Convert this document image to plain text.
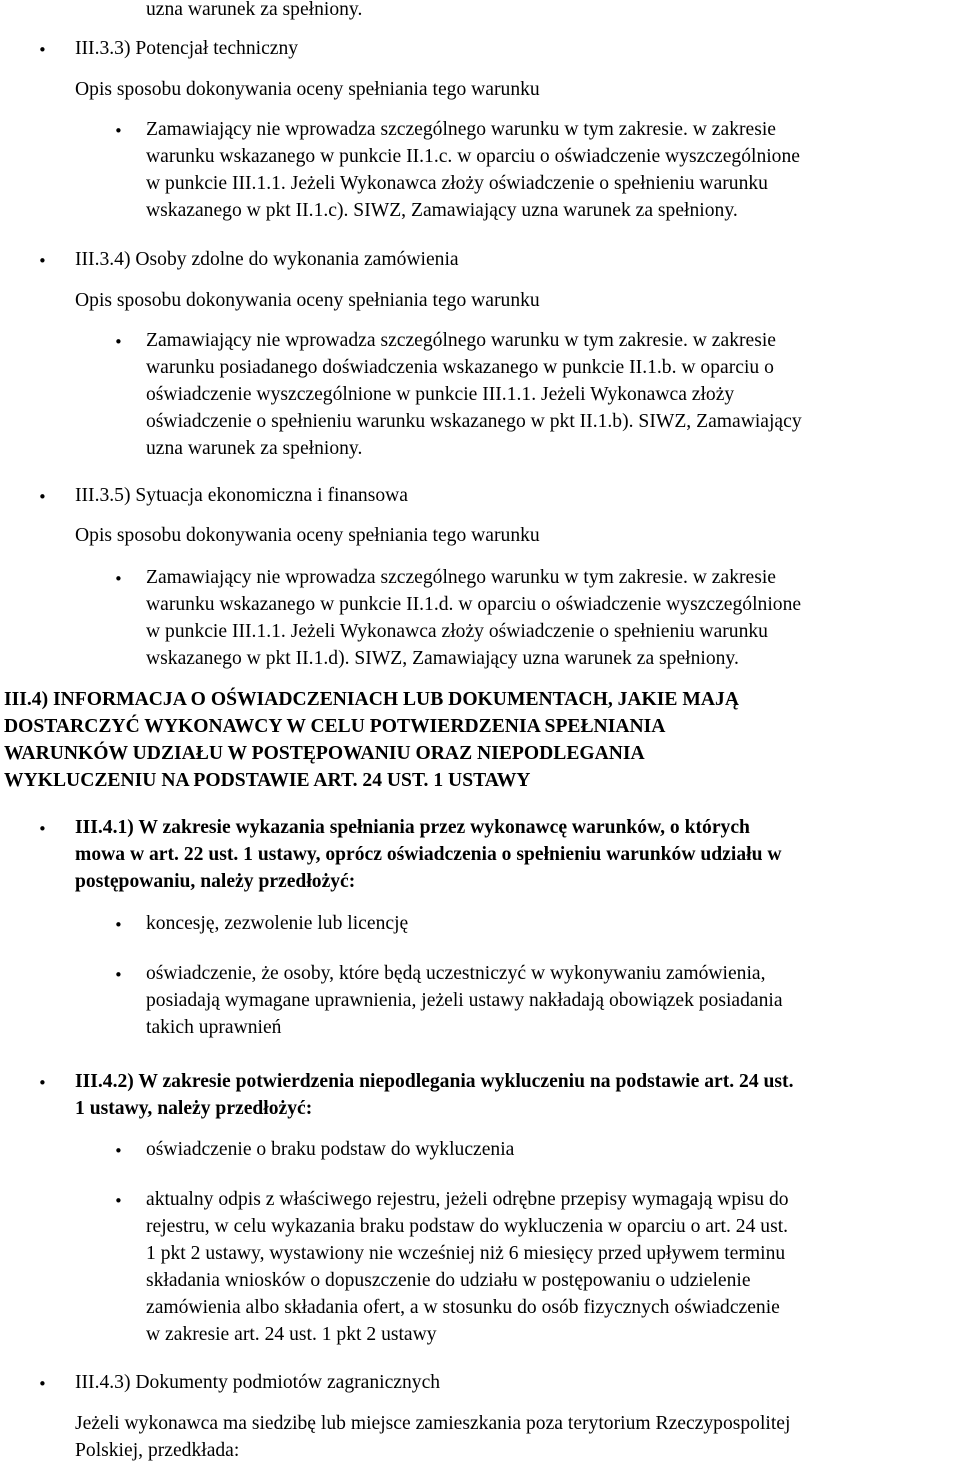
uzna warunek za spełniony.
• III.3.3) Potencjał techniczny
Opis sposobu dokonywania oceny spełniania tego warunku
• Zamawiający nie wprowadza szczególnego warunku w tym zakresie. w zakresie
warunku wskazanego w punkcie II.1.c. w oparciu o oświadczenie wyszczególnione
w punkcie III.1.1. Jeżeli Wykonawca złoży oświadczenie o spełnieniu warunku
wskazanego w pkt II.1.c). SIWZ, Zamawiający uzna warunek za spełniony.
• III.3.4) Osoby zdolne do wykonania zamówienia
Opis sposobu dokonywania oceny spełniania tego warunku
• Zamawiający nie wprowadza szczególnego warunku w tym zakresie. w zakresie
warunku posiadanego doświadczenia wskazanego w punkcie II.1.b. w oparciu o
oświadczenie wyszczególnione w punkcie III.1.1. Jeżeli Wykonawca złoży
oświadczenie o spełnieniu warunku wskazanego w pkt II.1.b). SIWZ, Zamawiający
uzna warunek za spełniony.
• III.3.5) Sytuacja ekonomiczna i finansowa
Opis sposobu dokonywania oceny spełniania tego warunku
• Zamawiający nie wprowadza szczególnego warunku w tym zakresie. w zakresie
warunku wskazanego w punkcie II.1.d. w oparciu o oświadczenie wyszczególnione
w punkcie III.1.1. Jeżeli Wykonawca złoży oświadczenie o spełnieniu warunku
wskazanego w pkt II.1.d). SIWZ, Zamawiający uzna warunek za spełniony.
III.4) INFORMACJA O OŚWIADCZENIACH LUB DOKUMENTACH, JAKIE MAJĄ
DOSTARCZYĆ WYKONAWCY W CELU POTWIERDZENIA SPEŁNIANIA
WARUNKÓW UDZIAŁU W POSTĘPOWANIU ORAZ NIEPODLEGANIA
WYKLUCZENIU NA PODSTAWIE ART. 24 UST. 1 USTAWY
• III.4.1) W zakresie wykazania spełniania przez wykonawcę warunków, o których
mowa w art. 22 ust. 1 ustawy, oprócz oświadczenia o spełnieniu warunków udziału w
postępowaniu, należy przedłożyć:
• koncesję, zezwolenie lub licencję
• oświadczenie, że osoby, które będą uczestniczyć w wykonywaniu zamówienia,
posiadają wymagane uprawnienia, jeżeli ustawy nakładają obowiązek posiadania
takich uprawnień
• III.4.2) W zakresie potwierdzenia niepodlegania wykluczeniu na podstawie art. 24 ust.
1 ustawy, należy przedłożyć:
• oświadczenie o braku podstaw do wykluczenia
• aktualny odpis z właściwego rejestru, jeżeli odrębne przepisy wymagają wpisu do
rejestru, w celu wykazania braku podstaw do wykluczenia w oparciu o art. 24 ust.
1 pkt 2 ustawy, wystawiony nie wcześniej niż 6 miesięcy przed upływem terminu
składania wniosków o dopuszczenie do udziału w postępowaniu o udzielenie
zamówienia albo składania ofert, a w stosunku do osób fizycznych oświadczenie
w zakresie art. 24 ust. 1 pkt 2 ustawy
• III.4.3) Dokumenty podmiotów zagranicznych
Jeżeli wykonawca ma siedzibę lub miejsce zamieszkania poza terytorium Rzeczypospolitej
Polskiej, przedkłada:
